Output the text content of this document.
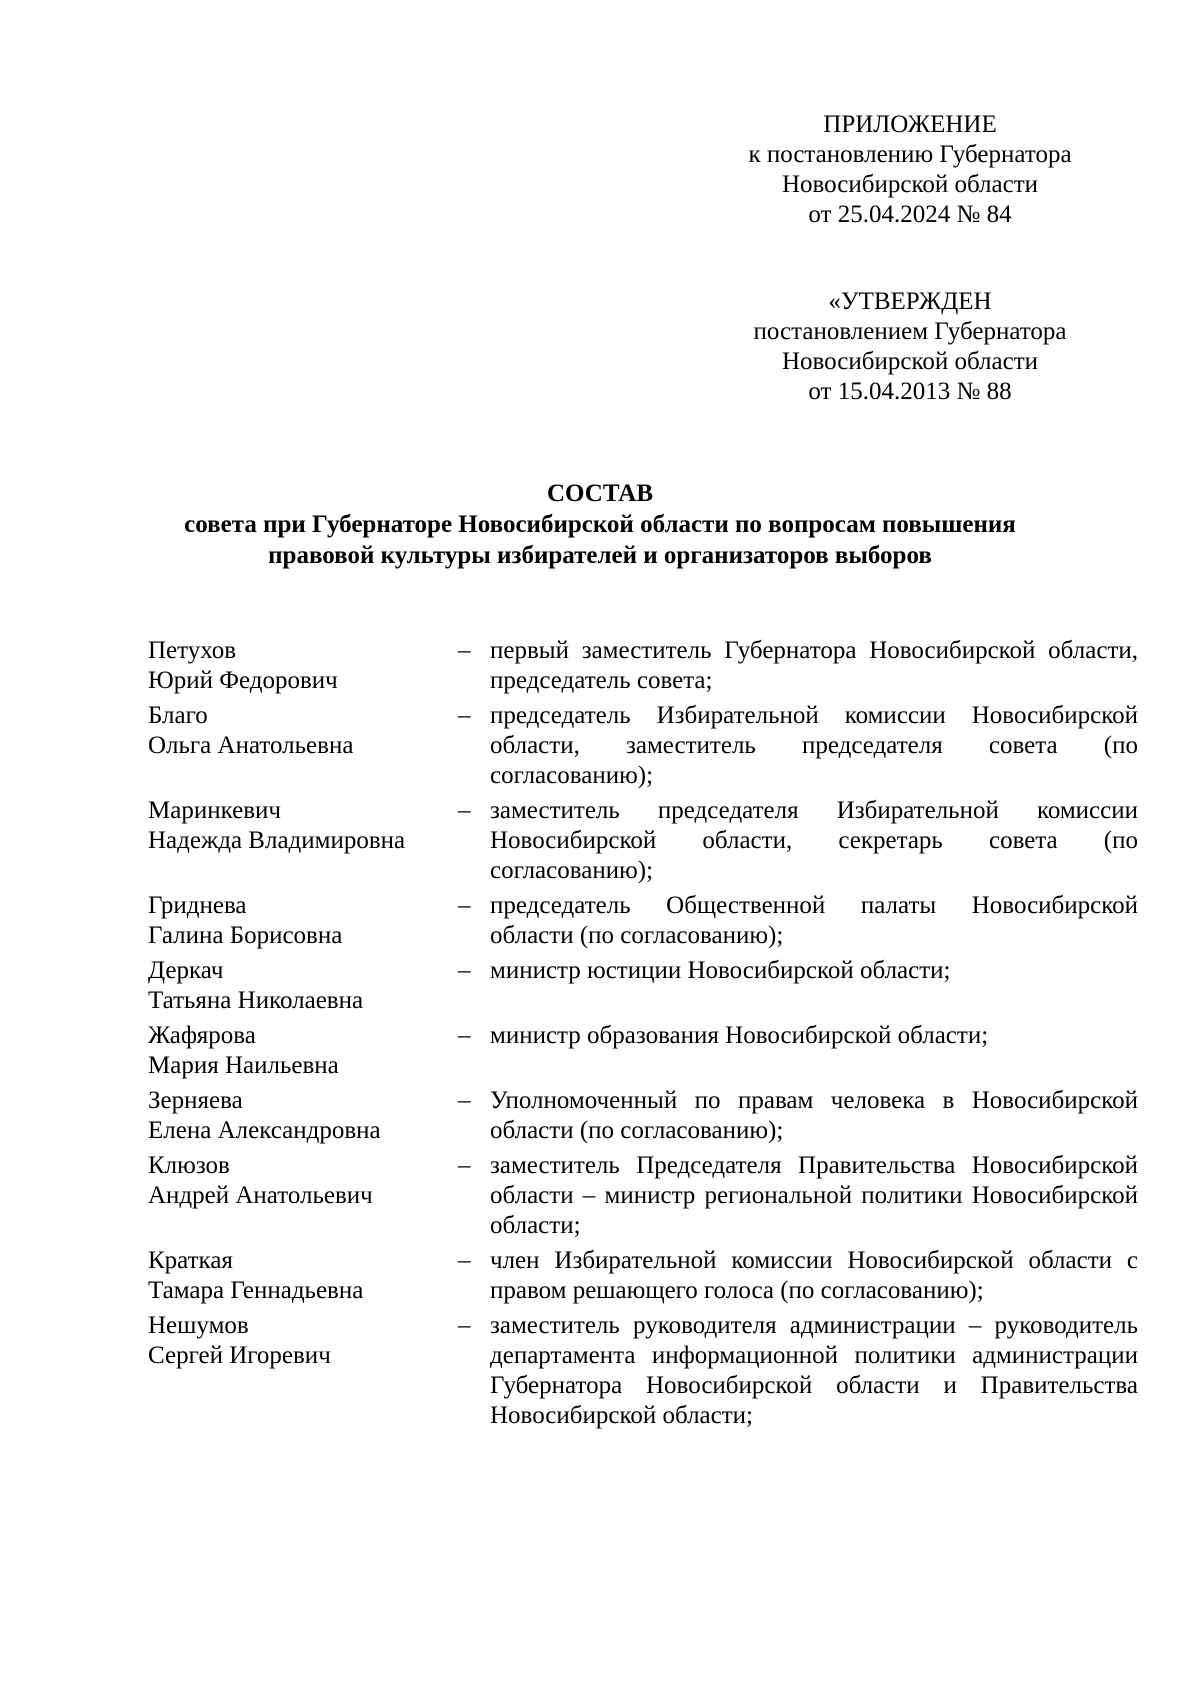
ПРИЛОЖЕНИЕ
к постановлению Губернатора
Новосибирской области
от 25.04.2024 № 84
«УТВЕРЖДЕН
постановлением Губернатора
Новосибирской области
от 15.04.2013 № 88
СОСТАВ
совета при Губернаторе Новосибирской области по вопросам повышения
правовой культуры избирателей и организаторов выборов
Петухов
Юрий Федорович
– первый заместитель Губернатора Новосибирской области, председатель совета;
Благо
Ольга Анатольевна
– председатель Избирательной комиссии Новосибирской области, заместитель председателя совета (по согласованию);
Маринкевич
Надежда Владимировна
– заместитель председателя Избирательной комиссии Новосибирской области, секретарь совета (по согласованию);
Гриднева
Галина Борисовна
– председатель Общественной палаты Новосибирской области (по согласованию);
Деркач
Татьяна Николаевна
– министр юстиции Новосибирской области;
Жафярова
Мария Наильевна
– министр образования Новосибирской области;
Зерняева
Елена Александровна
– Уполномоченный по правам человека в Новосибирской области (по согласованию);
Клюзов
Андрей Анатольевич
– заместитель Председателя Правительства Новосибирской области – министр региональной политики Новосибирской области;
Краткая
Тамара Геннадьевна
– член Избирательной комиссии Новосибирской области с правом решающего голоса (по согласованию);
Нешумов
Сергей Игоревич
– заместитель руководителя администрации – руководитель департамента информационной политики администрации Губернатора Новосибирской области и Правительства Новосибирской области;
